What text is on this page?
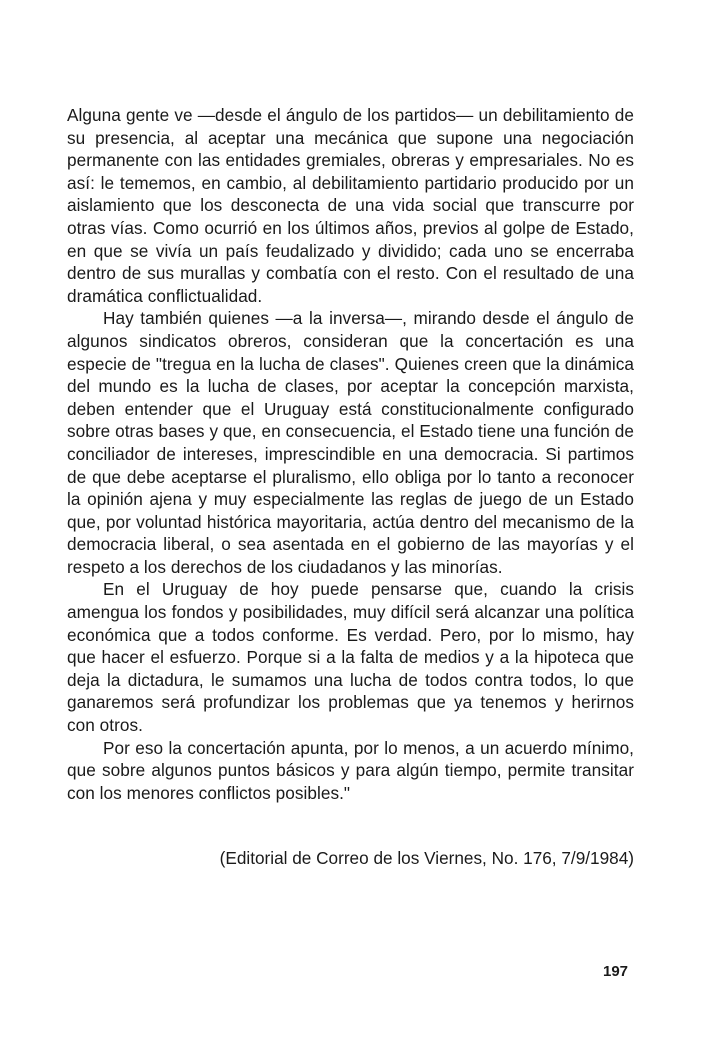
Alguna gente ve —desde el ángulo de los partidos— un debilitamiento de su presencia, al aceptar una mecánica que supone una negociación permanente con las entidades gremiales, obreras y empresariales. No es así: le tememos, en cambio, al debilitamiento partidario producido por un aislamiento que los desconecta de una vida social que transcurre por otras vías. Como ocurrió en los últimos años, previos al golpe de Estado, en que se vivía un país feudalizado y dividido; cada uno se encerraba dentro de sus murallas y combatía con el resto. Con el resultado de una dramática conflictualidad.

Hay también quienes —a la inversa—, mirando desde el ángulo de algunos sindicatos obreros, consideran que la concertación es una especie de "tregua en la lucha de clases". Quienes creen que la dinámica del mundo es la lucha de clases, por aceptar la concepción marxista, deben entender que el Uruguay está constitucionalmente configurado sobre otras bases y que, en consecuencia, el Estado tiene una función de conciliador de intereses, imprescindible en una democracia. Si partimos de que debe aceptarse el pluralismo, ello obliga por lo tanto a reconocer la opinión ajena y muy especialmente las reglas de juego de un Estado que, por voluntad histórica mayoritaria, actúa dentro del mecanismo de la democracia liberal, o sea asentada en el gobierno de las mayorías y el respeto a los derechos de los ciudadanos y las minorías.

En el Uruguay de hoy puede pensarse que, cuando la crisis amengua los fondos y posibilidades, muy difícil será alcanzar una política económica que a todos conforme. Es verdad. Pero, por lo mismo, hay que hacer el esfuerzo. Porque si a la falta de medios y a la hipoteca que deja la dictadura, le sumamos una lucha de todos contra todos, lo que ganaremos será profundizar los problemas que ya tenemos y herirnos con otros.

Por eso la concertación apunta, por lo menos, a un acuerdo mínimo, que sobre algunos puntos básicos y para algún tiempo, permite transitar con los menores conflictos posibles."

(Editorial de Correo de los Viernes, No. 176, 7/9/1984)
197
